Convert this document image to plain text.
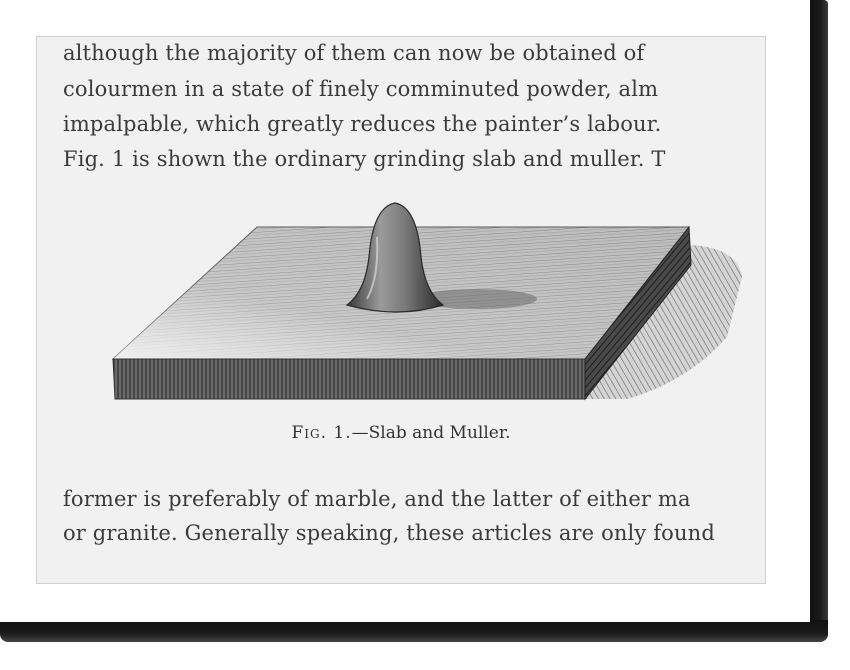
although the majority of them can now be obtained of
colourmen in a state of finely comminuted powder, alm
impalpable, which greatly reduces the painter’s labour.
Fig. 1 is shown the ordinary grinding slab and muller. T
Fig. 1.—Slab and Muller.
former is preferably of marble, and the latter of either ma
or granite. Generally speaking, these articles are only found
